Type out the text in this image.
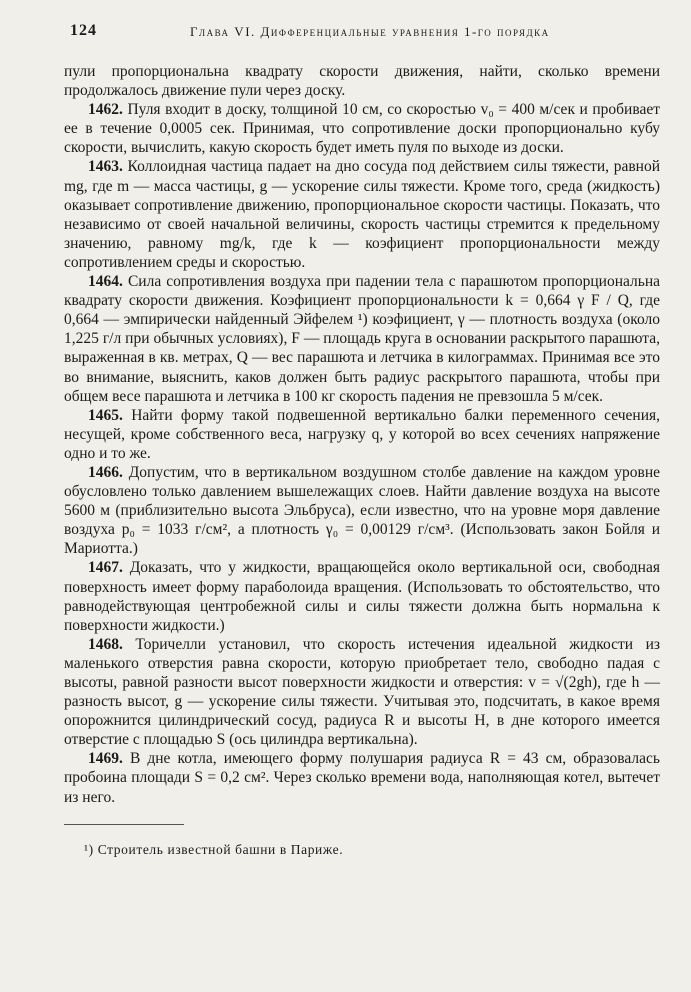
124	Глава VI. Дифференциальные уравнения 1-го порядка

пули пропорциональна квадрату скорости движения, найти, сколько времени продолжалось движение пули через доску.

1462. Пуля входит в доску, толщиной 10 см, со скоростью v₀ = 400 м/сек и пробивает ее в течение 0,0005 сек. Принимая, что сопротивление доски пропорционально кубу скорости, вычислить, какую скорость будет иметь пуля по выходе из доски.

1463. Коллоидная частица падает на дно сосуда под действием силы тяжести, равной mg, где m — масса частицы, g — ускорение силы тяжести. Кроме того, среда (жидкость) оказывает сопротивление движению, пропорциональное скорости частицы. Показать, что независимо от своей начальной величины, скорость частицы стремится к предельному значению, равному mg/k, где k — коэфициент пропорциональности между сопротивлением среды и скоростью.

1464. Сила сопротивления воздуха при падении тела с парашютом пропорциональна квадрату скорости движения. Коэфициент пропорциональности k = 0,664 γ F / Q, где 0,664 — эмпирически найденный Эйфелем ¹) коэфициент, γ — плотность воздуха (около 1,225 г/л при обычных условиях), F — площадь круга в основании раскрытого парашюта, выраженная в кв. метрах, Q — вес парашюта и летчика в килограммах. Принимая все это во внимание, выяснить, каков должен быть радиус раскрытого парашюта, чтобы при общем весе парашюта и летчика в 100 кг скорость падения не превзошла 5 м/сек.

1465. Найти форму такой подвешенной вертикально балки переменного сечения, несущей, кроме собственного веса, нагрузку q, у которой во всех сечениях напряжение одно и то же.

1466. Допустим, что в вертикальном воздушном столбе давление на каждом уровне обусловлено только давлением вышележащих слоев. Найти давление воздуха на высоте 5600 м (приблизительно высота Эльбруса), если известно, что на уровне моря давление воздуха p₀ = 1033 г/см², а плотность γ₀ = 0,00129 г/см³. (Использовать закон Бойля и Мариотта.)

1467. Доказать, что у жидкости, вращающейся около вертикальной оси, свободная поверхность имеет форму параболоида вращения. (Использовать то обстоятельство, что равнодействующая центробежной силы и силы тяжести должна быть нормальна к поверхности жидкости.)

1468. Торичелли установил, что скорость истечения идеальной жидкости из маленького отверстия равна скорости, которую приобретает тело, свободно падая с высоты, равной разности высот поверхности жидкости и отверстия: v = √(2gh), где h — разность высот, g — ускорение силы тяжести. Учитывая это, подсчитать, в какое время опорожнится цилиндрический сосуд, радиуса R и высоты H, в дне которого имеется отверстие с площадью S (ось цилиндра вертикальна).

1469. В дне котла, имеющего форму полушария радиуса R = 43 см, образовалась пробоина площади S = 0,2 см². Через сколько времени вода, наполняющая котел, вытечет из него.

¹) Строитель известной башни в Париже.
